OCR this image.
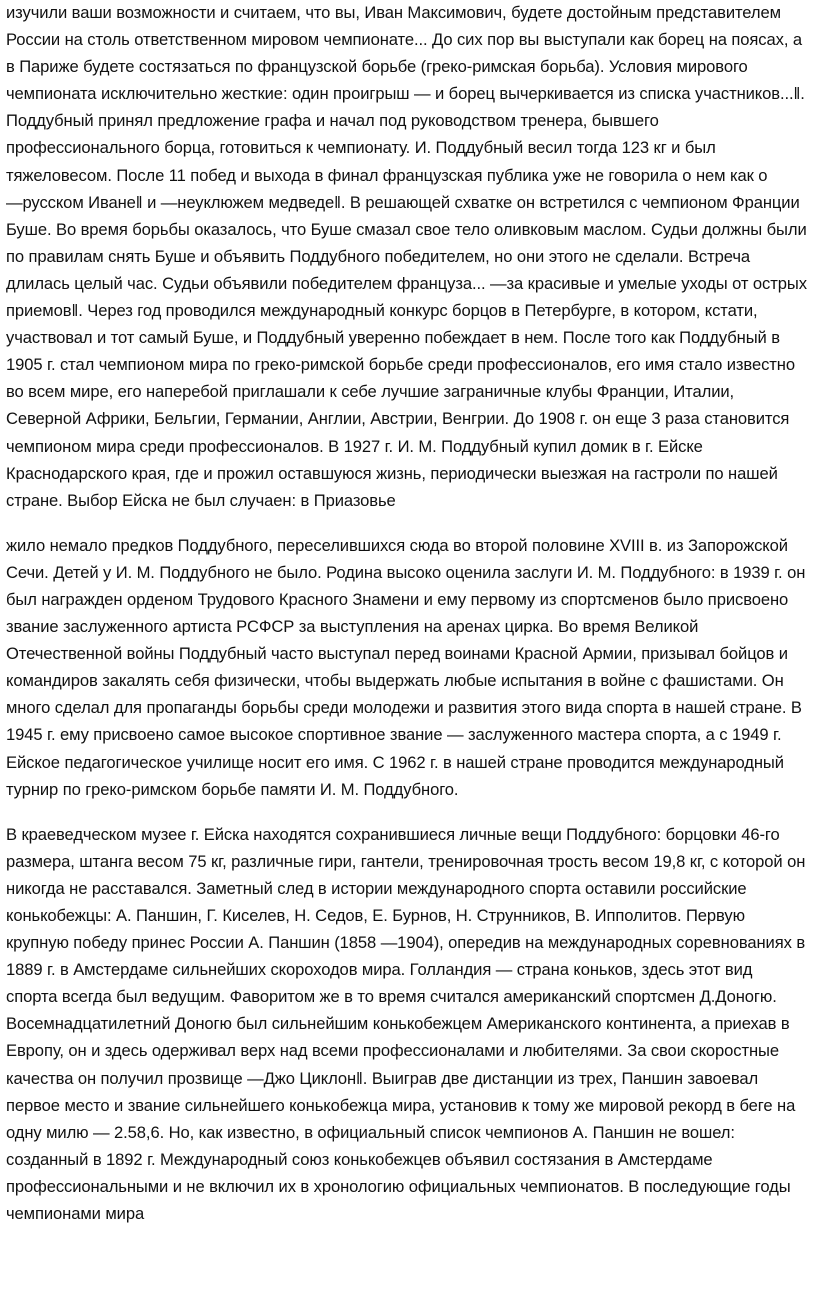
изучили ваши возможности и считаем, что вы, Иван Максимович, будете достойным представителем России на столь ответственном мировом чемпионате... До сих пор вы выступали как борец на поясах, а в Париже будете состязаться по французской борьбе (греко-римская борьба). Условия мирового чемпионата исключительно жесткие: один проигрыш — и борец вычеркивается из списка участников...‖. Поддубный принял предложение графа и начал под руководством тренера, бывшего профессионального борца, готовиться к чемпионату. И. Поддубный весил тогда 123 кг и был тяжеловесом. После 11 побед и выхода в финал французская публика уже не говорила о нем как о ―русском Иване‖ и ―неуклюжем медведе‖. В решающей схватке он встретился с чемпионом Франции Буше. Во время борьбы оказалось, что Буше смазал свое тело оливковым маслом. Судьи должны были по правилам снять Буше и объявить Поддубного победителем, но они этого не сделали. Встреча длилась целый час. Судьи объявили победителем француза... ―за красивые и умелые уходы от острых приемов‖. Через год проводился международный конкурс борцов в Петербурге, в котором, кстати, участвовал и тот самый Буше, и Поддубный уверенно побеждает в нем. После того как Поддубный в 1905 г. стал чемпионом мира по греко-римской борьбе среди профессионалов, его имя стало известно во всем мире, его наперебой приглашали к себе лучшие заграничные клубы Франции, Италии, Северной Африки, Бельгии, Германии, Англии, Австрии, Венгрии. До 1908 г. он еще 3 раза становится чемпионом мира среди профессионалов. В 1927 г. И. М. Поддубный купил домик в г. Ейске Краснодарского края, где и прожил оставшуюся жизнь, периодически выезжая на гастроли по нашей стране. Выбор Ейска не был случаен: в Приазовье

жило немало предков Поддубного, переселившихся сюда во второй половине XVIII в. из Запорожской Сечи. Детей у И. М. Поддубного не было. Родина высоко оценила заслуги И. М. Поддубного: в 1939 г. он был награжден орденом Трудового Красного Знамени и ему первому из спортсменов было присвоено звание заслуженного артиста РСФСР за выступления на аренах цирка. Во время Великой Отечественной войны Поддубный часто выступал перед воинами Красной Армии, призывал бойцов и командиров закалять себя физически, чтобы выдержать любые испытания в войне с фашистами. Он много сделал для пропаганды борьбы среди молодежи и развития этого вида спорта в нашей стране. В 1945 г. ему присвоено самое высокое спортивное звание — заслуженного мастера спорта, а с 1949 г. Ейское педагогическое училище носит его имя. С 1962 г. в нашей стране проводится международный турнир по греко-римском борьбе памяти И. М. Поддубного.

В краеведческом музее г. Ейска находятся сохранившиеся личные вещи Поддубного: борцовки 46-го размера, штанга весом 75 кг, различные гири, гантели, тренировочная трость весом 19,8 кг, с которой он никогда не расставался. Заметный след в истории международного спорта оставили российские конькобежцы: А. Паншин, Г. Киселев, Н. Седов, Е. Бурнов, Н. Струнников, В. Ипполитов. Первую крупную победу принес России А. Паншин (1858 ―1904), опередив на международных соревнованиях в 1889 г. в Амстердаме сильнейших скороходов мира. Голландия — страна коньков, здесь этот вид спорта всегда был ведущим. Фаворитом же в то время считался американский спортсмен Д.Доногю. Восемнадцатилетний Доногю был сильнейшим конькобежцем Американского континента, а приехав в Европу, он и здесь одерживал верх над всеми профессионалами и любителями. За свои скоростные качества он получил прозвище ―Джо Циклон‖. Выиграв две дистанции из трех, Паншин завоевал первое место и звание сильнейшего конькобежца мира, установив к тому же мировой рекорд в беге на одну милю — 2.58,6. Но, как известно, в официальный список чемпионов А. Паншин не вошел: созданный в 1892 г. Международный союз конькобежцев объявил состязания в Амстердаме профессиональными и не включил их в хронологию официальных чемпионатов. В последующие годы чемпионами мира
